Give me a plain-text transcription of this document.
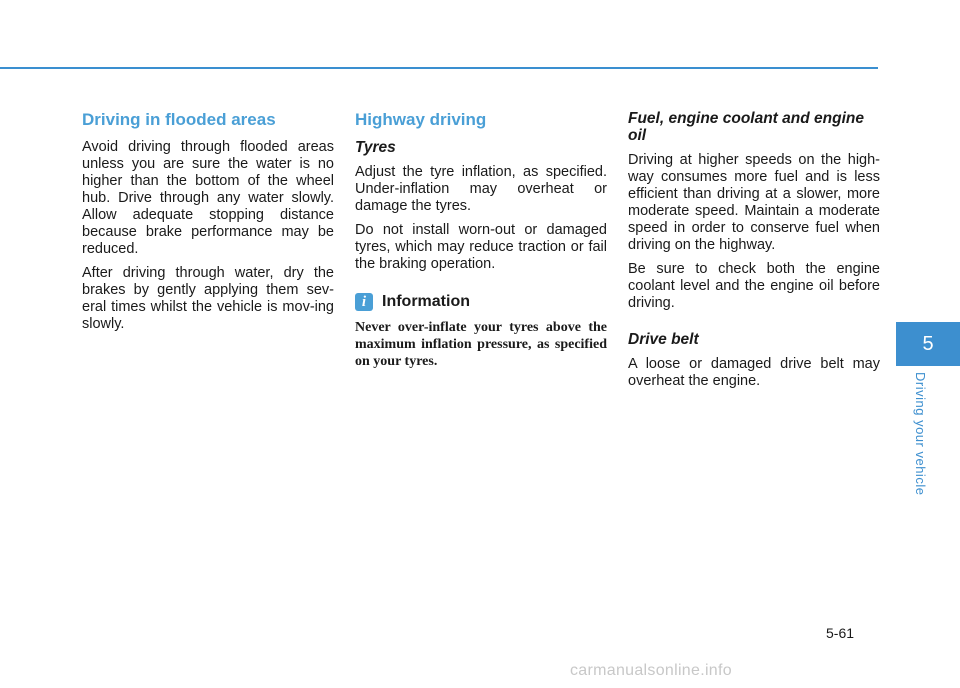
Driving in flooded areas

Avoid driving through flooded areas unless you are sure the water is no higher than the bottom of the wheel hub. Drive through any water slowly. Allow adequate stopping distance because brake performance may be reduced.

After driving through water, dry the brakes by gently applying them sev-eral times whilst the vehicle is mov-ing slowly.

Highway driving
Tyres

Adjust the tyre inflation, as specified. Under-inflation may overheat or damage the tyres.

Do not install worn-out or damaged tyres, which may reduce traction or fail the braking operation.

i Information

Never over-inflate your tyres above the maximum inflation pressure, as specified on your tyres.

Fuel, engine coolant and engine oil

Driving at higher speeds on the high-way consumes more fuel and is less efficient than driving at a slower, more moderate speed. Maintain a moderate speed in order to conserve fuel when driving on the highway.

Be sure to check both the engine coolant level and the engine oil before driving.

Drive belt

A loose or damaged drive belt may overheat the engine.

5
Driving your vehicle
5-61
carmanualsonline.info
